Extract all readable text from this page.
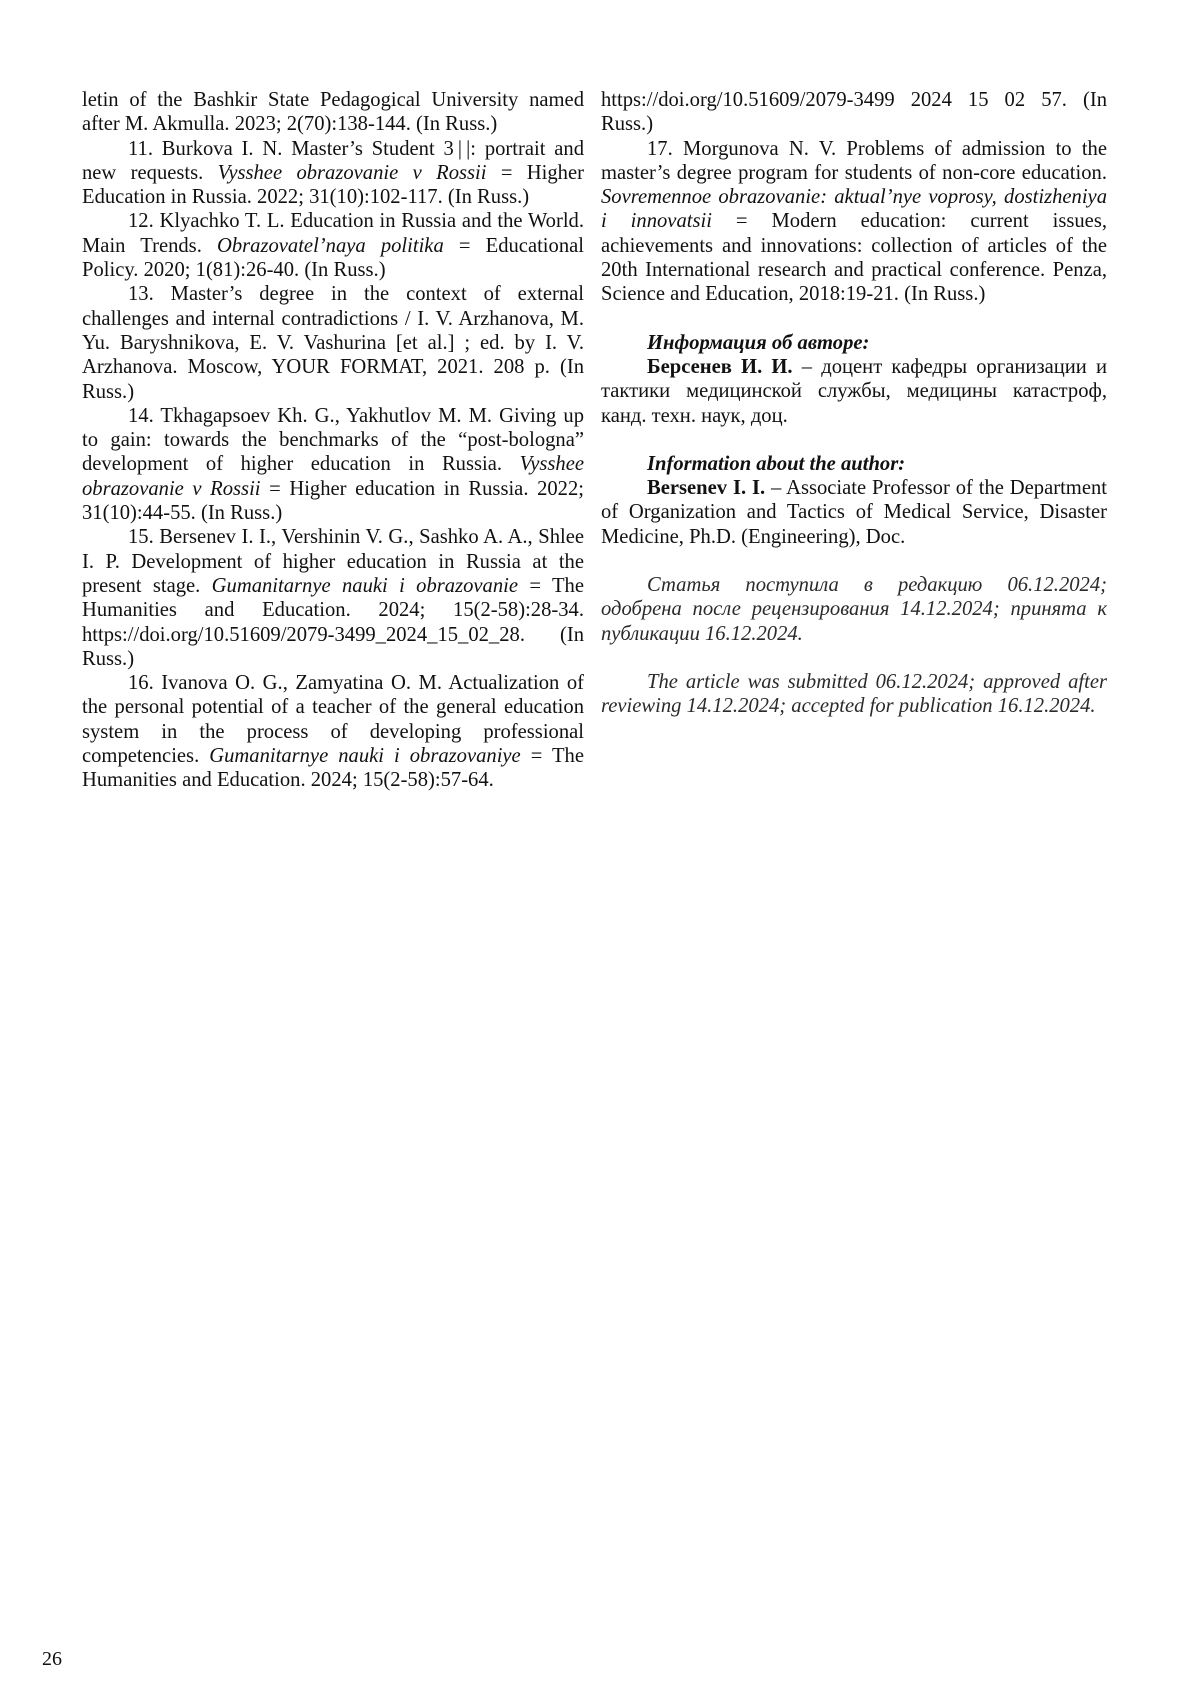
letin of the Bashkir State Pedagogical University named after M. Akmulla. 2023; 2(70):138-144. (In Russ.)

11. Burkova I. N. Master’s Student 3 | |: portrait and new requests. Vysshee obrazovanie v Rossii = Higher Education in Russia. 2022; 31(10):102-117. (In Russ.)

12. Klyachko T. L. Education in Russia and the World. Main Trends. Obrazovatel’naya politika = Educational Policy. 2020; 1(81):26-40. (In Russ.)

13. Master’s degree in the context of external challenges and internal contradictions / I. V. Arzhanova, M. Yu. Baryshnikova, E. V. Vashurina [et al.] ; ed. by I. V. Arzhanova. Moscow, YOUR FORMAT, 2021. 208 p. (In Russ.)

14. Tkhagapsoev Kh. G., Yakhutlov M. M. Giving up to gain: towards the benchmarks of the “post-bologna” development of higher education in Russia. Vysshee obrazovanie v Rossii = Higher education in Russia. 2022; 31(10):44-55. (In Russ.)

15. Bersenev I. I., Vershinin V. G., Sashko A. A., Shlee I. P. Development of higher education in Russia at the present stage. Gumanitarnye nauki i obrazovanie = The Humanities and Education. 2024; 15(2-58):28-34. https://doi.org/10.51609/2079-3499_2024_15_02_28. (In Russ.)

16. Ivanova O. G., Zamyatina O. M. Actualization of the personal potential of a teacher of the general education system in the process of developing professional competencies. Gumanitarnye nauki i obrazovaniye = The Humanities and Education. 2024; 15(2-58):57-64.

https://doi.org/10.51609/2079-3499 2024 15 02 57. (In Russ.)

17. Morgunova N. V. Problems of admission to the master’s degree program for students of non-core education. Sovremennoe obrazovanie: aktual’nye voprosy, dostizheniya i innovatsii = Modern education: current issues, achievements and innovations: collection of articles of the 20th International research and practical conference. Penza, Science and Education, 2018:19-21. (In Russ.)

Информация об авторе:

Берсенев И. И. – доцент кафедры организации и тактики медицинской службы, медицины катастроф, канд. техн. наук, доц.

Information about the author:

Bersenev I. I. – Associate Professor of the Department of Organization and Tactics of Medical Service, Disaster Medicine, Ph.D. (Engineering), Doc.

Статья поступила в редакцию 06.12.2024; одобрена после рецензирования 14.12.2024; принята к публикации 16.12.2024.

The article was submitted 06.12.2024; approved after reviewing 14.12.2024; accepted for publication 16.12.2024.

26
